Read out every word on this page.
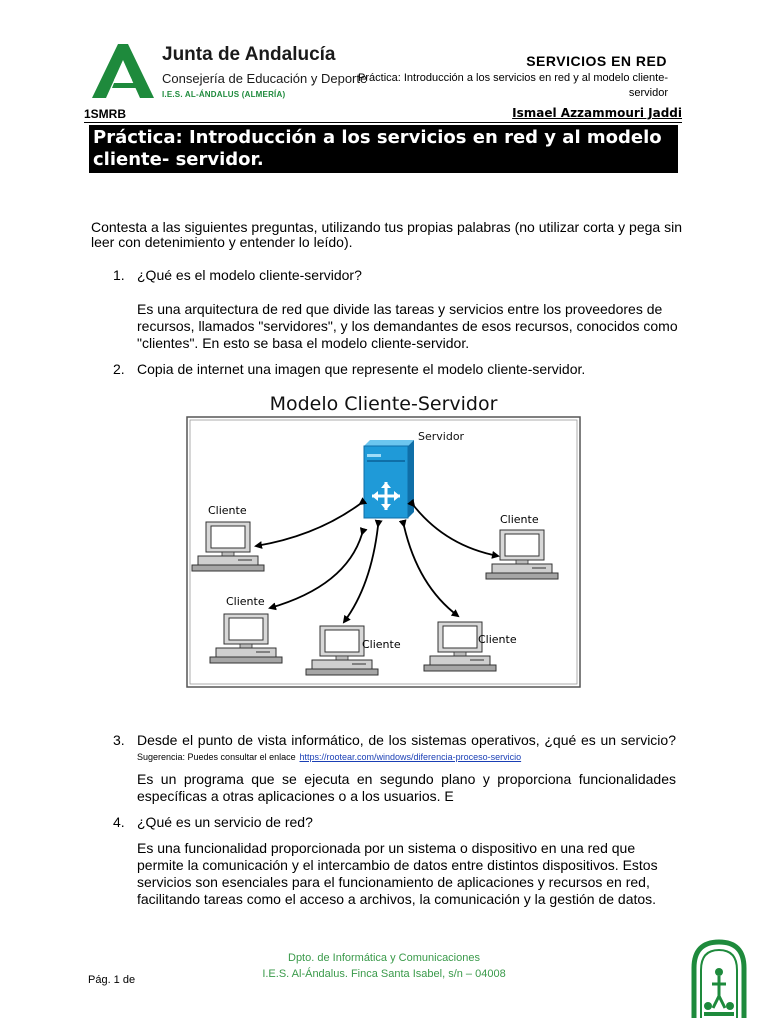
Junta de Andalucía
Consejería de Educación y Deporte
I.E.S. AL-ÁNDALUS (ALMERÍA)
SERVICIOS EN RED
Práctica: Introducción a los servicios en red y al modelo cliente-servidor
1SMRB	Ismael Azzammouri Jaddi
Práctica: Introducción a los servicios en red y al modelo cliente- servidor.
Contesta a las siguientes preguntas, utilizando tus propias palabras (no utilizar corta y pega sin leer con detenimiento y entender lo leído).
1. ¿Qué es el modelo cliente-servidor?
Es una arquitectura de red que divide las tareas y servicios entre los proveedores de recursos, llamados "servidores", y los demandantes de esos recursos, conocidos como "clientes". En esto se basa el modelo cliente-servidor.
2. Copia de internet una imagen que represente el modelo cliente-servidor.
Modelo Cliente-Servidor
Servidor
Cliente
Cliente
Cliente
Cliente	Cliente
3. Desde el punto de vista informático, de los sistemas operativos, ¿qué es un servicio? Sugerencia: Puedes consultar el enlace https://rootear.com/windows/diferencia-proceso-servicio
Es un programa que se ejecuta en segundo plano y proporciona funcionalidades específicas a otras aplicaciones o a los usuarios. E
4. ¿Qué es un servicio de red?
Es una funcionalidad proporcionada por un sistema o dispositivo en una red que permite la comunicación y el intercambio de datos entre distintos dispositivos. Estos servicios son esenciales para el funcionamiento de aplicaciones y recursos en red, facilitando tareas como el acceso a archivos, la comunicación y la gestión de datos.
Dpto. de Informática y Comunicaciones
I.E.S. Al-Ándalus. Finca Santa Isabel, s/n – 04008
Pág. 1 de
